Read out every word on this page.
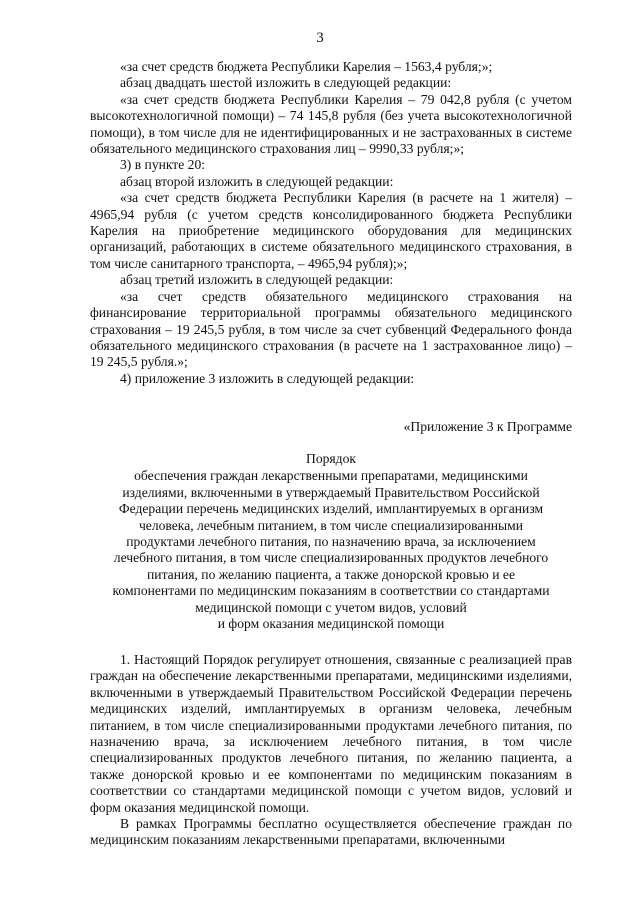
3

«за счет средств бюджета Республики Карелия – 1563,4 рубля;»;

абзац двадцать шестой изложить в следующей редакции:

«за счет средств бюджета Республики Карелия – 79 042,8 рубля (с учетом высокотехнологичной помощи) – 74 145,8 рубля (без учета высокотехнологичной помощи), в том числе для не идентифицированных и не застрахованных в системе обязательного медицинского страхования лиц – 9990,33 рубля;»;

3) в пункте 20:

абзац второй изложить в следующей редакции:

«за счет средств бюджета Республики Карелия (в расчете на 1 жителя) – 4965,94 рубля (с учетом средств консолидированного бюджета Республики Карелия на приобретение медицинского оборудования для медицинских организаций, работающих в системе обязательного медицинского страхования, в том числе санитарного транспорта, – 4965,94 рубля);»;

абзац третий изложить в следующей редакции:

«за счет средств обязательного медицинского страхования на финансирование территориальной программы обязательного медицинского страхования – 19 245,5 рубля, в том числе за счет субвенций Федерального фонда обязательного медицинского страхования (в расчете на 1 застрахованное лицо) – 19 245,5 рубля.»;

4) приложение 3 изложить в следующей редакции:

«Приложение 3 к Программе
Порядок
обеспечения граждан лекарственными препаратами, медицинскими
изделиями, включенными в утверждаемый Правительством Российской
Федерации перечень медицинских изделий, имплантируемых в организм
человека, лечебным питанием, в том числе специализированными
продуктами лечебного питания, по назначению врача, за исключением
лечебного питания, в том числе специализированных продуктов лечебного
питания, по желанию пациента, а также донорской кровью и ее
компонентами по медицинским показаниям в соответствии со стандартами
медицинской помощи с учетом видов, условий
и форм оказания медицинской помощи

1. Настоящий Порядок регулирует отношения, связанные с реализацией прав граждан на обеспечение лекарственными препаратами, медицинскими изделиями, включенными в утверждаемый Правительством Российской Федерации перечень медицинских изделий, имплантируемых в организм человека, лечебным питанием, в том числе специализированными продуктами лечебного питания, по назначению врача, за исключением лечебного питания, в том числе специализированных продуктов лечебного питания, по желанию пациента, а также донорской кровью и ее компонентами по медицинским показаниям в соответствии со стандартами медицинской помощи с учетом видов, условий и форм оказания медицинской помощи.

В рамках Программы бесплатно осуществляется обеспечение граждан по медицинским показаниям лекарственными препаратами, включенными
